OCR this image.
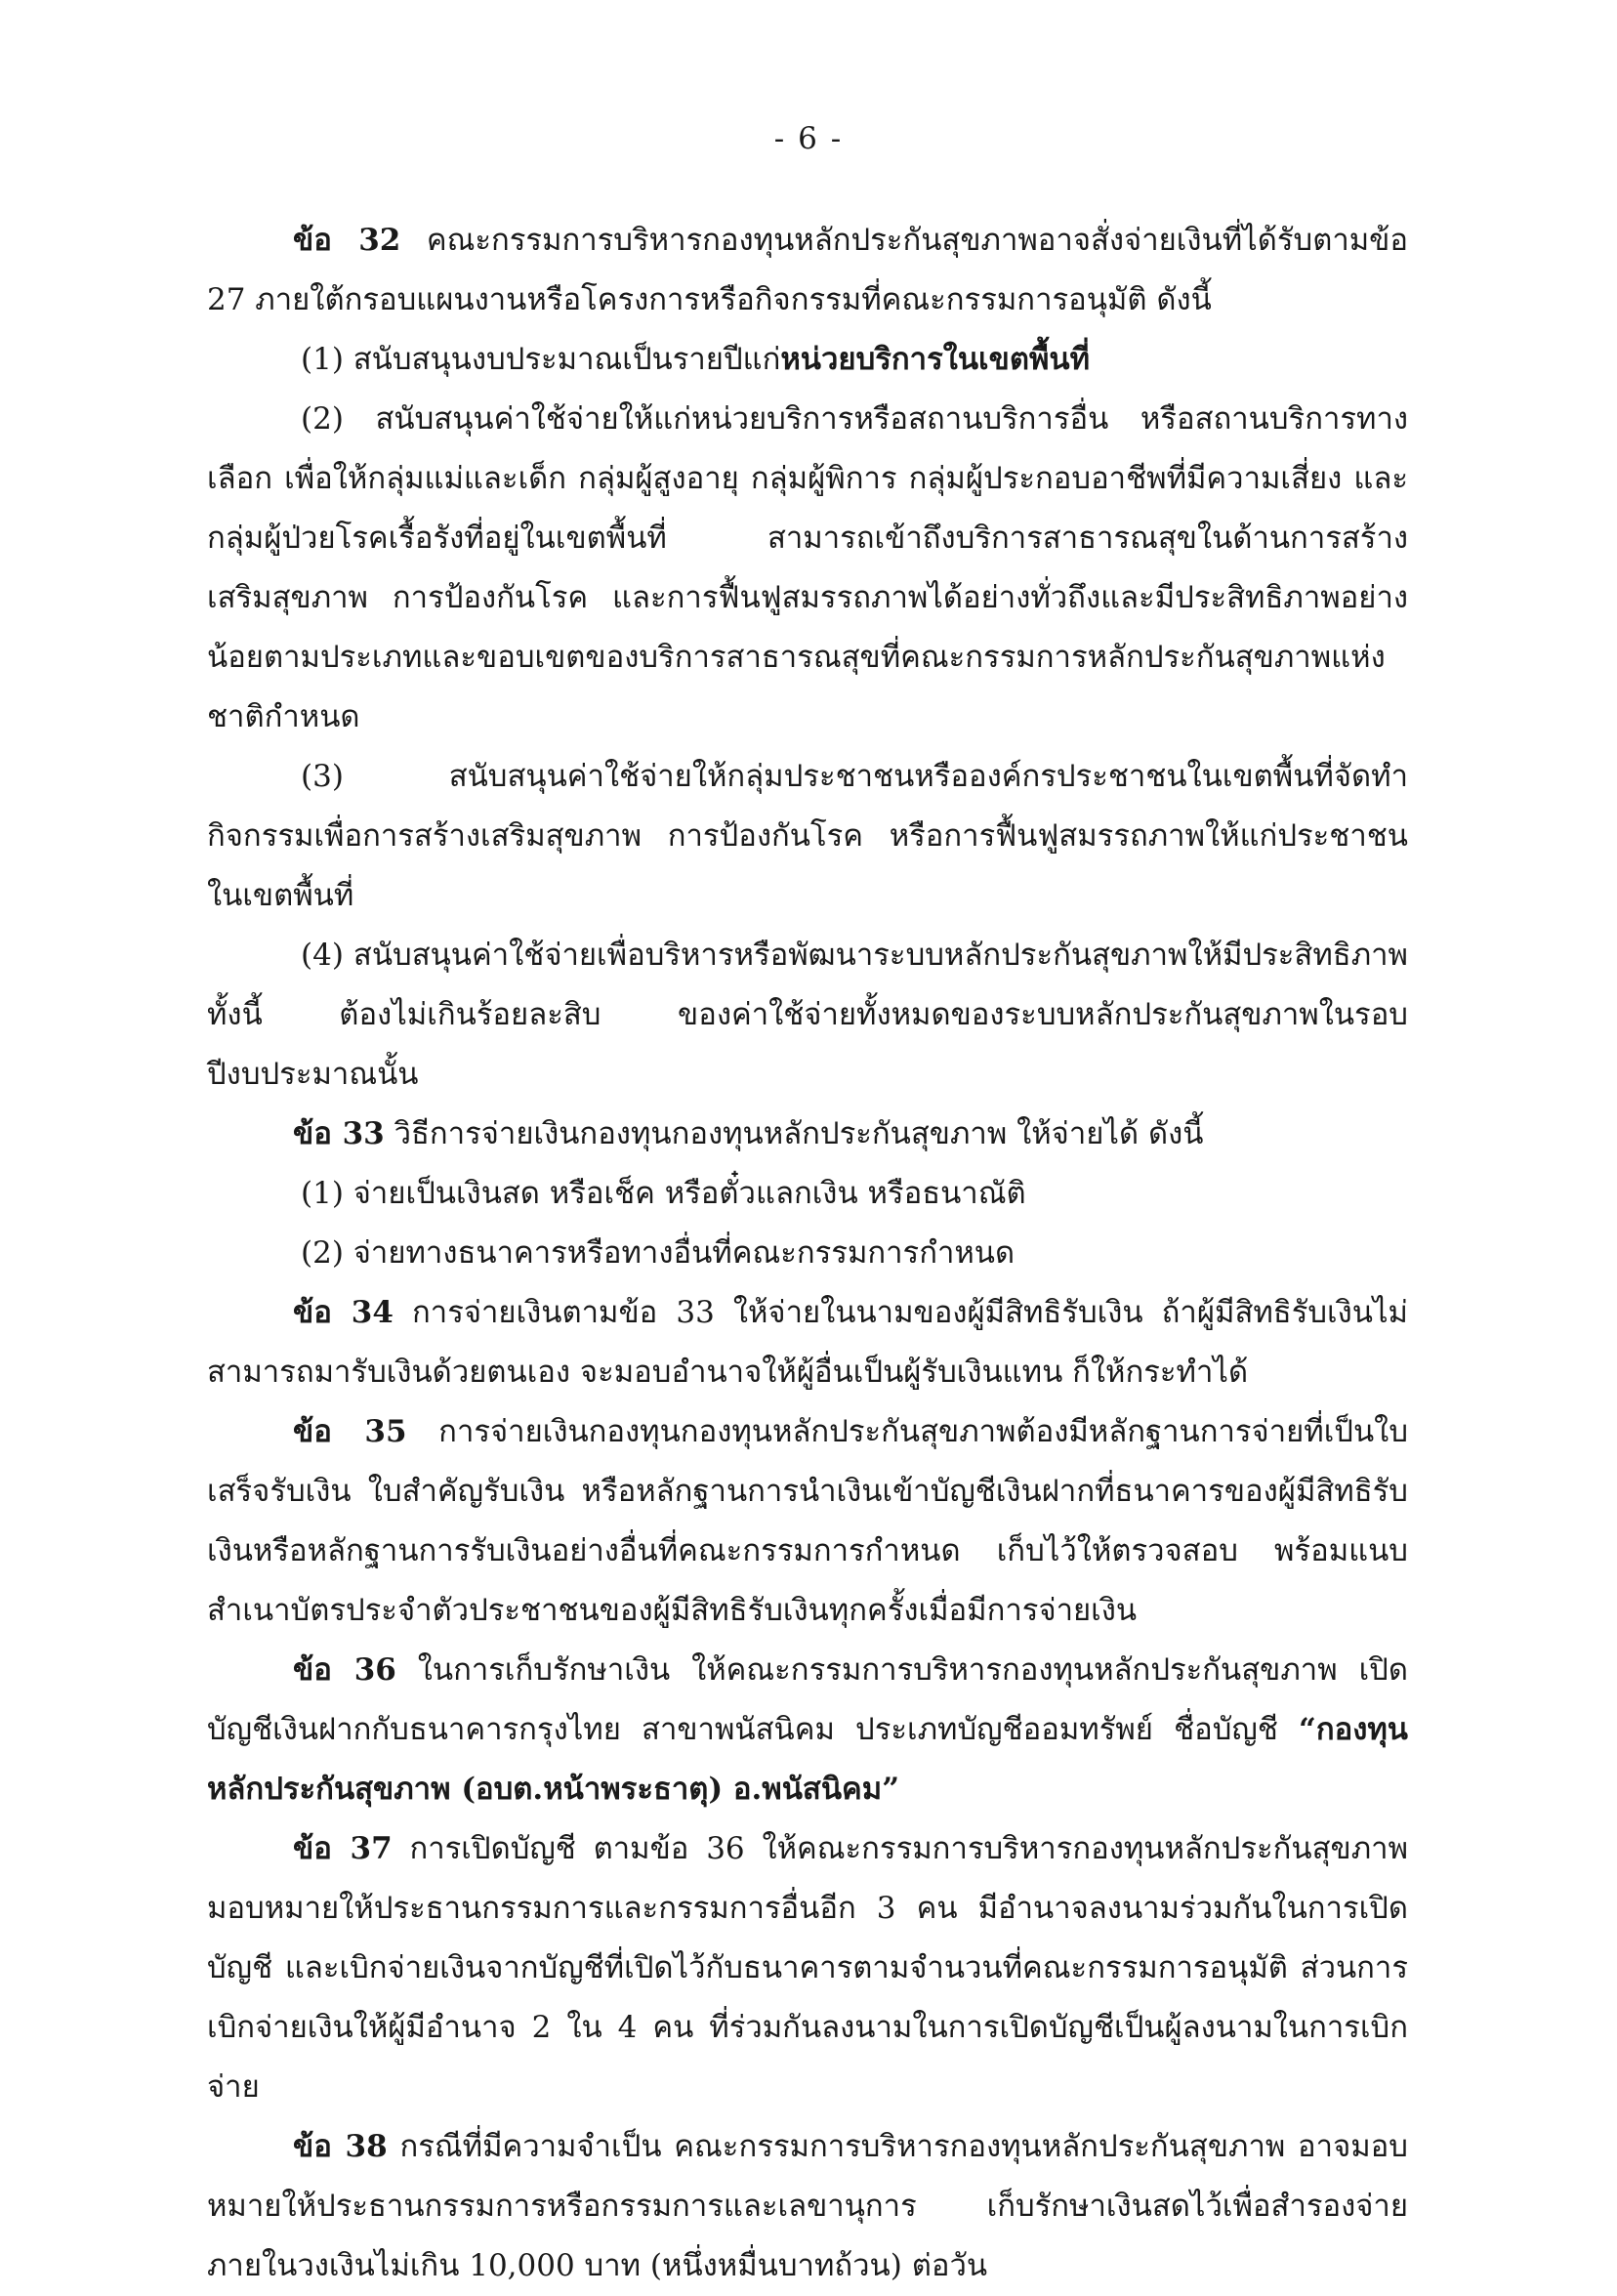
- 6 -

ข้อ 32 คณะกรรมการบริหารกองทุนหลักประกันสุขภาพอาจสั่งจ่ายเงินที่ได้รับตามข้อ 27 ภายใต้กรอบแผนงานหรือโครงการหรือกิจกรรมที่คณะกรรมการอนุมัติ ดังนี้

(1) สนับสนุนงบประมาณเป็นรายปีแก่หน่วยบริการในเขตพื้นที่

(2) สนับสนุนค่าใช้จ่ายให้แก่หน่วยบริการหรือสถานบริการอื่น หรือสถานบริการทางเลือก เพื่อให้กลุ่มแม่และเด็ก กลุ่มผู้สูงอายุ กลุ่มผู้พิการ กลุ่มผู้ประกอบอาชีพที่มีความเสี่ยง และกลุ่มผู้ป่วยโรคเรื้อรังที่อยู่ในเขตพื้นที่ สามารถเข้าถึงบริการสาธารณสุขในด้านการสร้างเสริมสุขภาพ การป้องกันโรค และการฟื้นฟูสมรรถภาพได้อย่างทั่วถึงและมีประสิทธิภาพอย่างน้อยตามประเภทและขอบเขตของบริการสาธารณสุขที่คณะกรรมการหลักประกันสุขภาพแห่งชาติกำหนด

(3) สนับสนุนค่าใช้จ่ายให้กลุ่มประชาชนหรือองค์กรประชาชนในเขตพื้นที่จัดทำกิจกรรมเพื่อการสร้างเสริมสุขภาพ การป้องกันโรค หรือการฟื้นฟูสมรรถภาพให้แก่ประชาชนในเขตพื้นที่

(4) สนับสนุนค่าใช้จ่ายเพื่อบริหารหรือพัฒนาระบบหลักประกันสุขภาพให้มีประสิทธิภาพ ทั้งนี้ ต้องไม่เกินร้อยละสิบ ของค่าใช้จ่ายทั้งหมดของระบบหลักประกันสุขภาพในรอบปีงบประมาณนั้น

ข้อ 33 วิธีการจ่ายเงินกองทุนกองทุนหลักประกันสุขภาพ ให้จ่ายได้ ดังนี้

(1) จ่ายเป็นเงินสด หรือเช็ค หรือตั๋วแลกเงิน หรือธนาณัติ

(2) จ่ายทางธนาคารหรือทางอื่นที่คณะกรรมการกำหนด

ข้อ 34 การจ่ายเงินตามข้อ 33 ให้จ่ายในนามของผู้มีสิทธิรับเงิน ถ้าผู้มีสิทธิรับเงินไม่สามารถมารับเงินด้วยตนเอง จะมอบอำนาจให้ผู้อื่นเป็นผู้รับเงินแทน ก็ให้กระทำได้

ข้อ 35 การจ่ายเงินกองทุนกองทุนหลักประกันสุขภาพต้องมีหลักฐานการจ่ายที่เป็นใบเสร็จรับเงิน ใบสำคัญรับเงิน หรือหลักฐานการนำเงินเข้าบัญชีเงินฝากที่ธนาคารของผู้มีสิทธิรับเงินหรือหลักฐานการรับเงินอย่างอื่นที่คณะกรรมการกำหนด เก็บไว้ให้ตรวจสอบ พร้อมแนบสำเนาบัตรประจำตัวประชาชนของผู้มีสิทธิรับเงินทุกครั้งเมื่อมีการจ่ายเงิน

ข้อ 36 ในการเก็บรักษาเงิน ให้คณะกรรมการบริหารกองทุนหลักประกันสุขภาพ เปิดบัญชีเงินฝากกับธนาคารกรุงไทย สาขาพนัสนิคม ประเภทบัญชีออมทรัพย์ ชื่อบัญชี “กองทุนหลักประกันสุขภาพ (อบต.หน้าพระธาตุ) อ.พนัสนิคม”

ข้อ 37 การเปิดบัญชี ตามข้อ 36 ให้คณะกรรมการบริหารกองทุนหลักประกันสุขภาพ มอบหมายให้ประธานกรรมการและกรรมการอื่นอีก 3 คน มีอำนาจลงนามร่วมกันในการเปิดบัญชี และเบิกจ่ายเงินจากบัญชีที่เปิดไว้กับธนาคารตามจำนวนที่คณะกรรมการอนุมัติ ส่วนการเบิกจ่ายเงินให้ผู้มีอำนาจ 2 ใน 4 คน ที่ร่วมกันลงนามในการเปิดบัญชีเป็นผู้ลงนามในการเบิกจ่าย

ข้อ 38 กรณีที่มีความจำเป็น คณะกรรมการบริหารกองทุนหลักประกันสุขภาพ อาจมอบหมายให้ประธานกรรมการหรือกรรมการและเลขานุการ เก็บรักษาเงินสดไว้เพื่อสำรองจ่ายภายในวงเงินไม่เกิน 10,000 บาท (หนึ่งหมื่นบาทถ้วน) ต่อวัน
